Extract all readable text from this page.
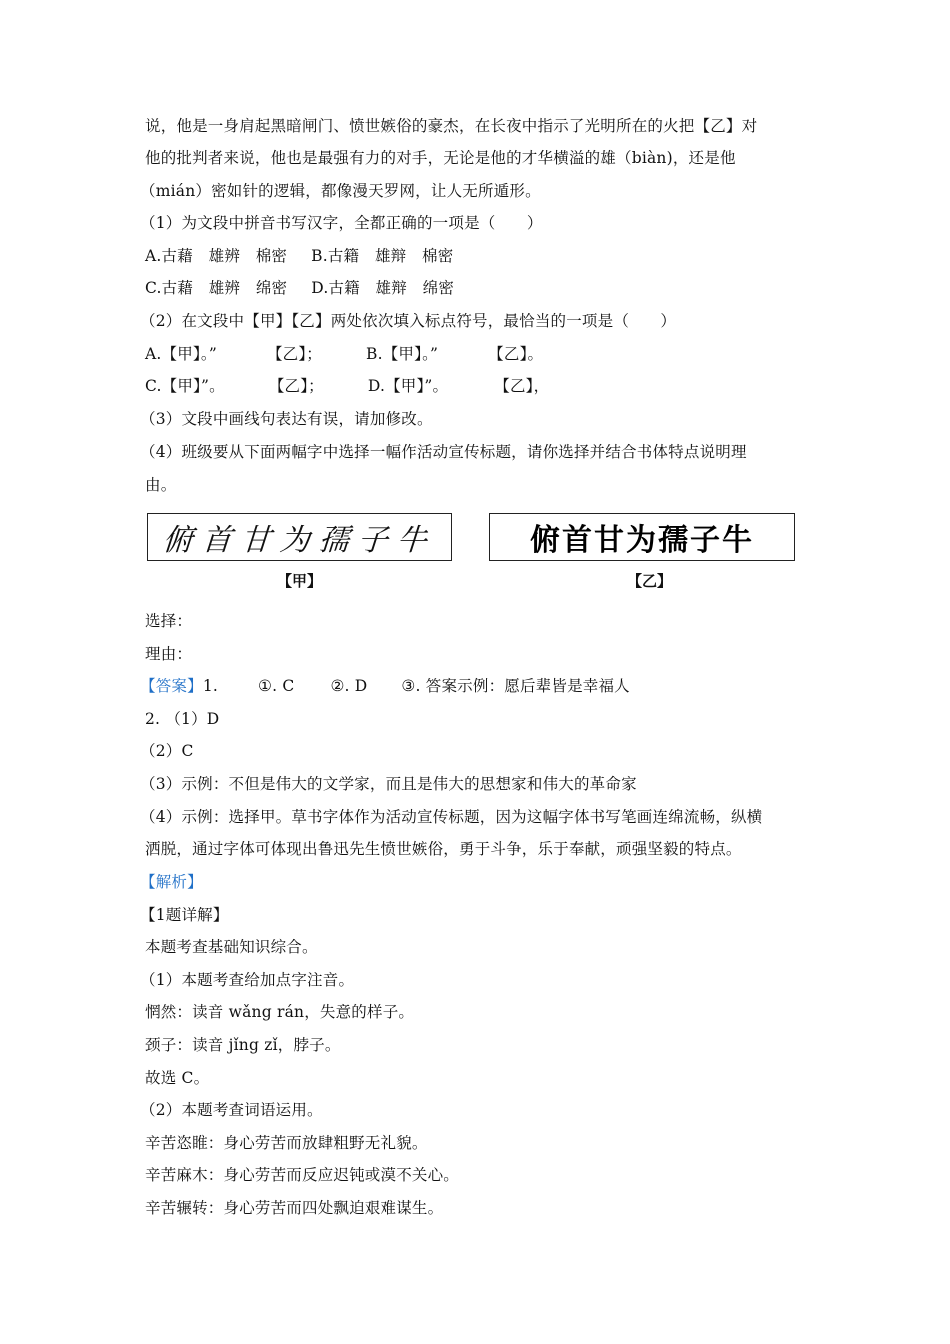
说，他是一身肩起黑暗闸门、愤世嫉俗的豪杰，在长夜中指示了光明所在的火把【乙】对
他的批判者来说，他也是最强有力的对手，无论是他的才华横溢的雄（biàn)，还是他
（mián）密如针的逻辑，都像漫天罗网，让人无所遁形。
（1）为文段中拼音书写汉字，全都正确的一项是（　　）
A.古藉　雄辨　棉密 B.古籍　雄辩　棉密
C.古藉　雄辨　绵密 D.古籍　雄辩　绵密
（2）在文段中【甲】【乙】两处依次填入标点符号，最恰当的一项是（　　）
A.【甲】。”	【乙】；	B.【甲】。”	【乙】。
C.【甲】”。	【乙】；	D.【甲】”。	【乙】，
（3）文段中画线句表达有误，请加修改。
（4）班级要从下面两幅字中选择一幅作活动宣传标题，请你选择并结合书体特点说明理
由。
俯首甘为孺子牛	俯首甘为孺子牛
【甲】	【乙】
选择：
理由：
【答案】1.	①. C ②. D ③. 答案示例：愿后辈皆是幸福人
2. （1）D
（2）C
（3）示例：不但是伟大的文学家，而且是伟大的思想家和伟大的革命家
（4）示例：选择甲。草书字体作为活动宣传标题，因为这幅字体书写笔画连绵流畅，纵横
洒脱，通过字体可体现出鲁迅先生愤世嫉俗，勇于斗争，乐于奉献，顽强坚毅的特点。
【解析】
【1题详解】
本题考查基础知识综合。
（1）本题考查给加点字注音。
惘然：读音 wǎng rán，失意的样子。
颈子：读音 jǐng zǐ，脖子。
故选 C。
（2）本题考查词语运用。
辛苦恣睢：身心劳苦而放肆粗野无礼貌。
辛苦麻木：身心劳苦而反应迟钝或漠不关心。
辛苦辗转：身心劳苦而四处飘迫艰难谋生。
